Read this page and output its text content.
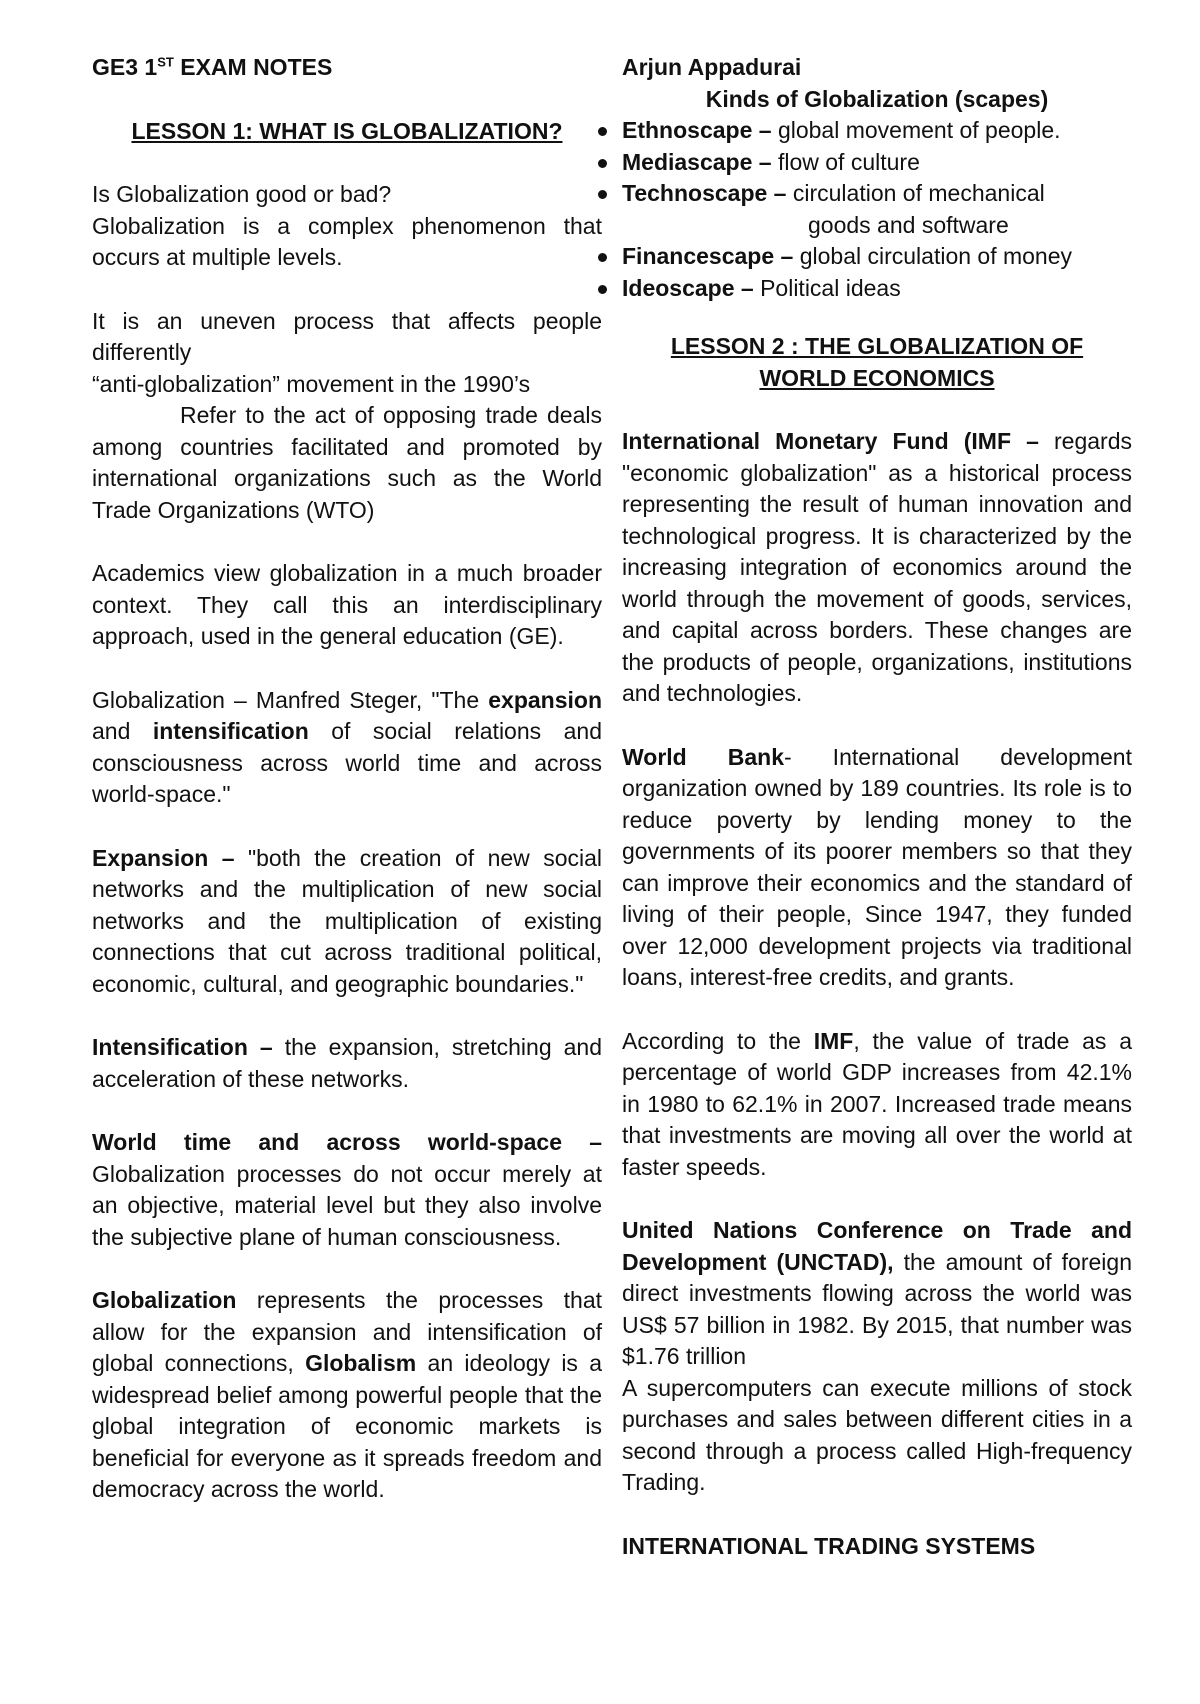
GE3 1ST EXAM NOTES

LESSON 1: WHAT IS GLOBALIZATION?

Is Globalization good or bad?

Globalization is a complex phenomenon that occurs at multiple levels.

It is an uneven process that affects people differently

“anti-globalization” movement in the 1990’s

Refer to the act of opposing trade deals among countries facilitated and promoted by international organizations such as the World Trade Organizations (WTO)

Academics view globalization in a much broader context. They call this an interdisciplinary approach, used in the general education (GE).

Globalization – Manfred Steger, "The expansion and intensification of social relations and consciousness across world time and across world-space."

Expansion – "both the creation of new social networks and the multiplication of new social networks and the multiplication of existing connections that cut across traditional political, economic, cultural, and geographic boundaries."

Intensification – the expansion, stretching and acceleration of these networks.

World time and across world-space – Globalization processes do not occur merely at an objective, material level but they also involve the subjective plane of human consciousness.

Globalization represents the processes that allow for the expansion and intensification of global connections, Globalism an ideology is a widespread belief among powerful people that the global integration of economic markets is beneficial for everyone as it spreads freedom and democracy across the world.

Arjun Appadurai

Kinds of Globalization (scapes)

Ethnoscape – global movement of people.
Mediascape – flow of culture
Technoscape – circulation of mechanical
goods and software
Financescape – global circulation of money
Ideoscape – Political ideas

LESSON 2 : THE GLOBALIZATION OF
WORLD ECONOMICS

International Monetary Fund (IMF – regards "economic globalization" as a historical process representing the result of human innovation and technological progress. It is characterized by the increasing integration of economics around the world through the movement of goods, services, and capital across borders. These changes are the products of people, organizations, institutions and technologies.

World Bank- International development organization owned by 189 countries. Its role is to reduce poverty by lending money to the governments of its poorer members so that they can improve their economics and the standard of living of their people, Since 1947, they funded over 12,000 development projects via traditional loans, interest-free credits, and grants.

According to the IMF, the value of trade as a percentage of world GDP increases from 42.1% in 1980 to 62.1% in 2007. Increased trade means that investments are moving all over the world at faster speeds.

United Nations Conference on Trade and Development (UNCTAD), the amount of foreign direct investments flowing across the world was US$ 57 billion in 1982. By 2015, that number was $1.76 trillion

A supercomputers can execute millions of stock purchases and sales between different cities in a second through a process called High-frequency Trading.

INTERNATIONAL TRADING SYSTEMS
